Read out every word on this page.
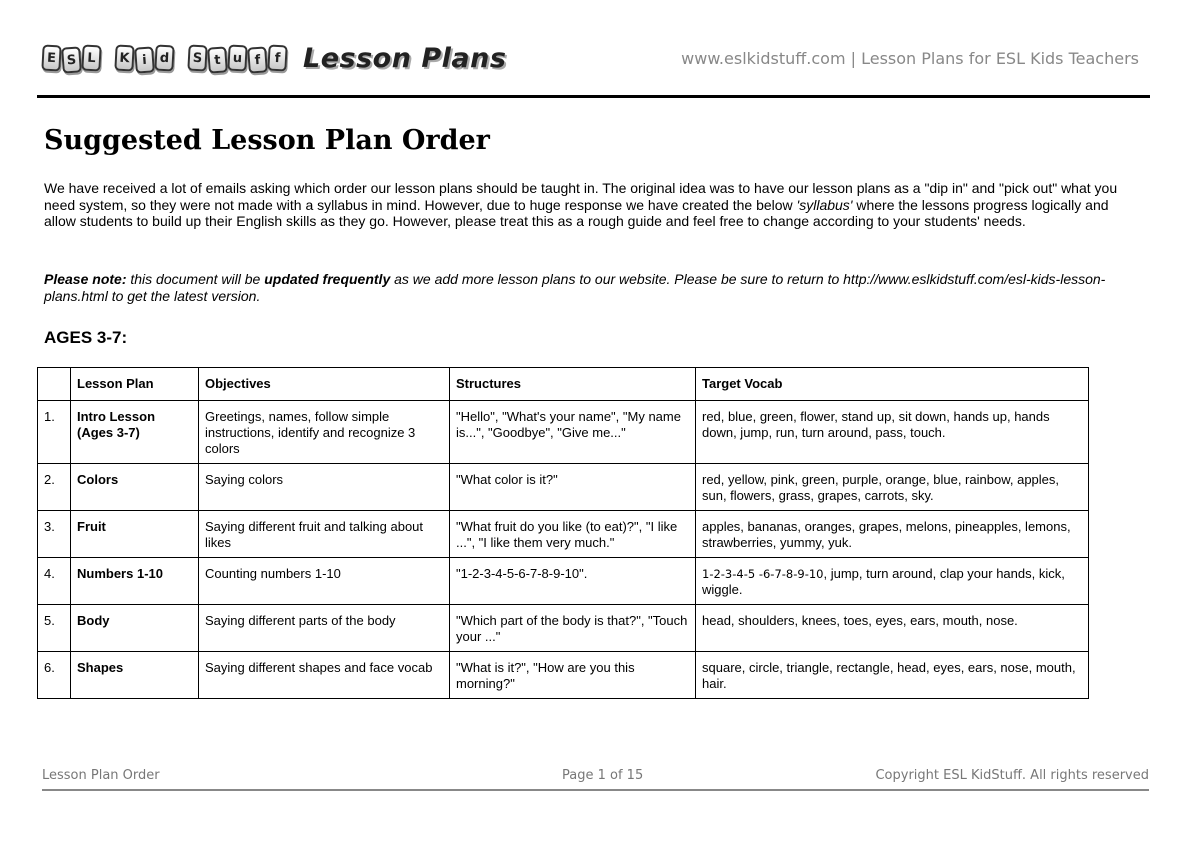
E S L	K i d	S t u f	f Lesson Plans	www.eslkidstuff.com | Lesson Plans for ESL Kids Teachers
Suggested Lesson Plan Order

We have received a lot of emails asking which order our lesson plans should be taught in. The original idea was to have our lesson plans as a "dip in" and "pick out" what you need system, so they were not made with a syllabus in mind. However, due to huge response we have created the below 'syllabus' where the lessons progress logically and allow students to build up their English skills as they go. However, please treat this as a rough guide and feel free to change according to your students' needs.

Please note: this document will be updated frequently as we add more lesson plans to our website. Please be sure to return to http://www.eslkidstuff.com/esl-kids-lesson-plans.html to get the latest version.

AGES 3-7:
	Lesson Plan	Objectives	Structures	Target Vocab
1.	Intro Lesson (Ages 3-7)	Greetings, names, follow simple instructions, identify and recognize 3 colors	"Hello", "What's your name", "My name is...", "Goodbye", "Give me..."	red, blue, green, flower, stand up, sit down, hands up, hands down, jump, run, turn around, pass, touch.
2.	Colors	Saying colors	"What color is it?"	red, yellow, pink, green, purple, orange, blue, rainbow, apples, sun, flowers, grass, grapes, carrots, sky.
3.	Fruit	Saying different fruit and talking about likes	"What fruit do you like (to eat)?", "I like ...", "I like them very much."	apples, bananas, oranges, grapes, melons, pineapples, lemons, strawberries, yummy, yuk.
4.	Numbers 1-10	Counting numbers 1-10	"1-2-3-4-5-6-7-8-9-10".	1-2-3-4-5 -6-7-8-9-10, jump, turn around, clap your hands, kick, wiggle.
5.	Body	Saying different parts of the body	"Which part of the body is that?", "Touch your ..."	head, shoulders, knees, toes, eyes, ears, mouth, nose.
6.	Shapes	Saying different shapes and face vocab	"What is it?", "How are you this morning?"	square, circle, triangle, rectangle, head, eyes, ears, nose, mouth, hair.
Lesson Plan Order	Page 1 of 15	Copyright ESL KidStuff. All rights reserved
